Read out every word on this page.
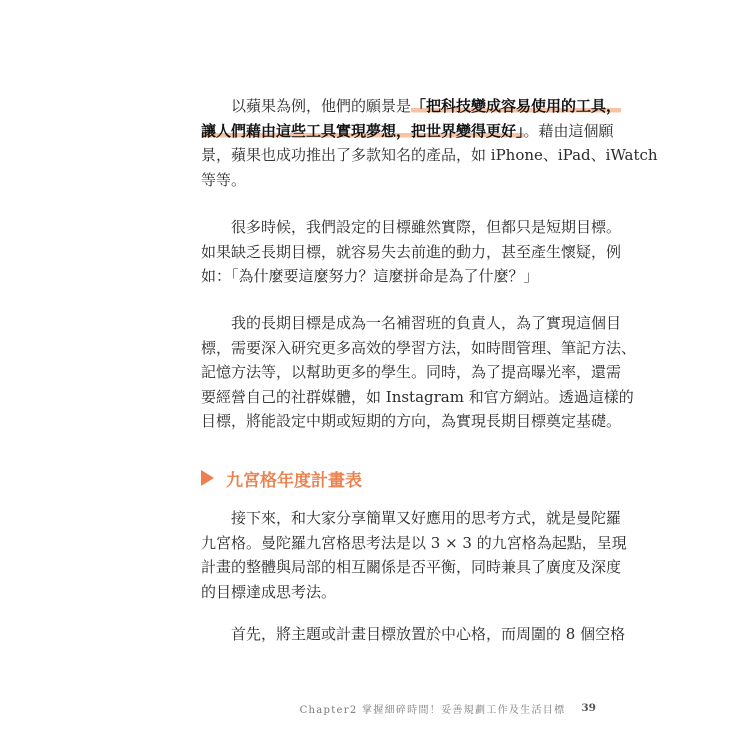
以蘋果為例，他們的願景是「把科技變成容易使用的工具，
讓人們藉由這些工具實現夢想，把世界變得更好」。藉由這個願
景，蘋果也成功推出了多款知名的產品，如 iPhone、iPad、iWatch
等等。
很多時候，我們設定的目標雖然實際，但都只是短期目標。
如果缺乏長期目標，就容易失去前進的動力，甚至產生懷疑，例
如：「為什麼要這麼努力？這麼拼命是為了什麼？」
我的長期目標是成為一名補習班的負責人，為了實現這個目
標，需要深入研究更多高效的學習方法，如時間管理、筆記方法、
記憶方法等，以幫助更多的學生。同時，為了提高曝光率，還需
要經營自己的社群媒體，如 Instagram 和官方網站。透過這樣的
目標，將能設定中期或短期的方向，為實現長期目標奠定基礎。
九宮格年度計畫表
接下來，和大家分享簡單又好應用的思考方式，就是曼陀羅
九宮格。曼陀羅九宮格思考法是以 3 × 3 的九宮格為起點，呈現
計畫的整體與局部的相互關係是否平衡，同時兼具了廣度及深度
的目標達成思考法。
首先，將主題或計畫目標放置於中心格，而周圍的 8 個空格
Chapter2 掌握細碎時間！妥善規劃工作及生活目標 39
